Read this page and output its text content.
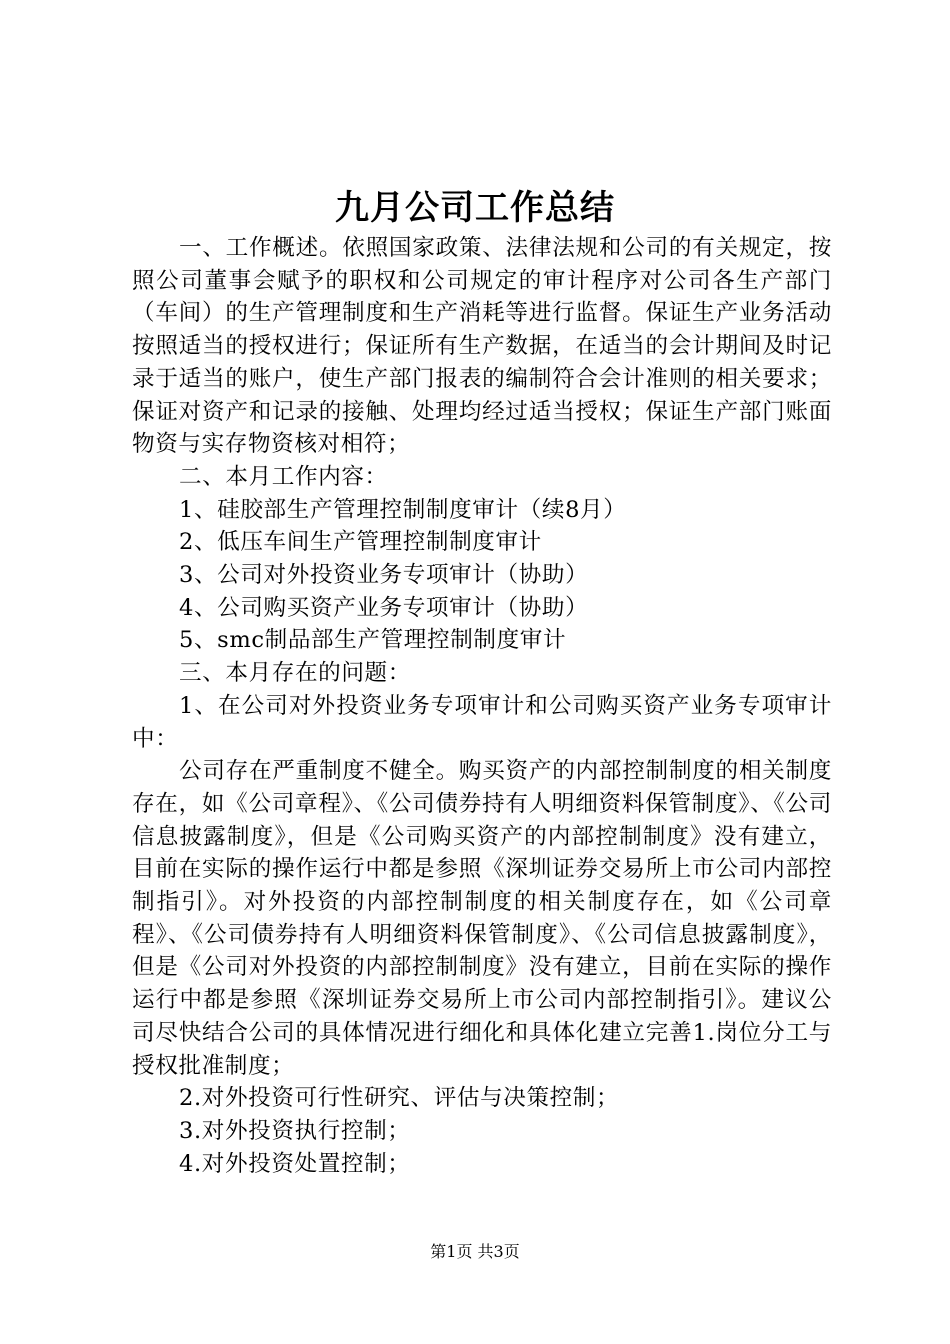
九月公司工作总结

一、工作概述。依照国家政策、法律法规和公司的有关规定，按照公司董事会赋予的职权和公司规定的审计程序对公司各生产部门（车间）的生产管理制度和生产消耗等进行监督。保证生产业务活动按照适当的授权进行；保证所有生产数据，在适当的会计期间及时记录于适当的账户，使生产部门报表的编制符合会计准则的相关要求；保证对资产和记录的接触、处理均经过适当授权；保证生产部门账面物资与实存物资核对相符；

二、本月工作内容：

1、硅胶部生产管理控制制度审计（续8月）

2、低压车间生产管理控制制度审计

3、公司对外投资业务专项审计（协助）

4、公司购买资产业务专项审计（协助）

5、smc制品部生产管理控制制度审计

三、本月存在的问题：

1、在公司对外投资业务专项审计和公司购买资产业务专项审计中：

公司存在严重制度不健全。购买资产的内部控制制度的相关制度存在，如《公司章程》、《公司债券持有人明细资料保管制度》、《公司信息披露制度》，但是《公司购买资产的内部控制制度》没有建立，目前在实际的操作运行中都是参照《深圳证券交易所上市公司内部控制指引》。对外投资的内部控制制度的相关制度存在，如《公司章程》、《公司债券持有人明细资料保管制度》、《公司信息披露制度》，但是《公司对外投资的内部控制制度》没有建立，目前在实际的操作运行中都是参照《深圳证券交易所上市公司内部控制指引》。建议公司尽快结合公司的具体情况进行细化和具体化建立完善1.岗位分工与授权批准制度；

2.对外投资可行性研究、评估与决策控制；

3.对外投资执行控制；

4.对外投资处置控制；

第1页 共3页
